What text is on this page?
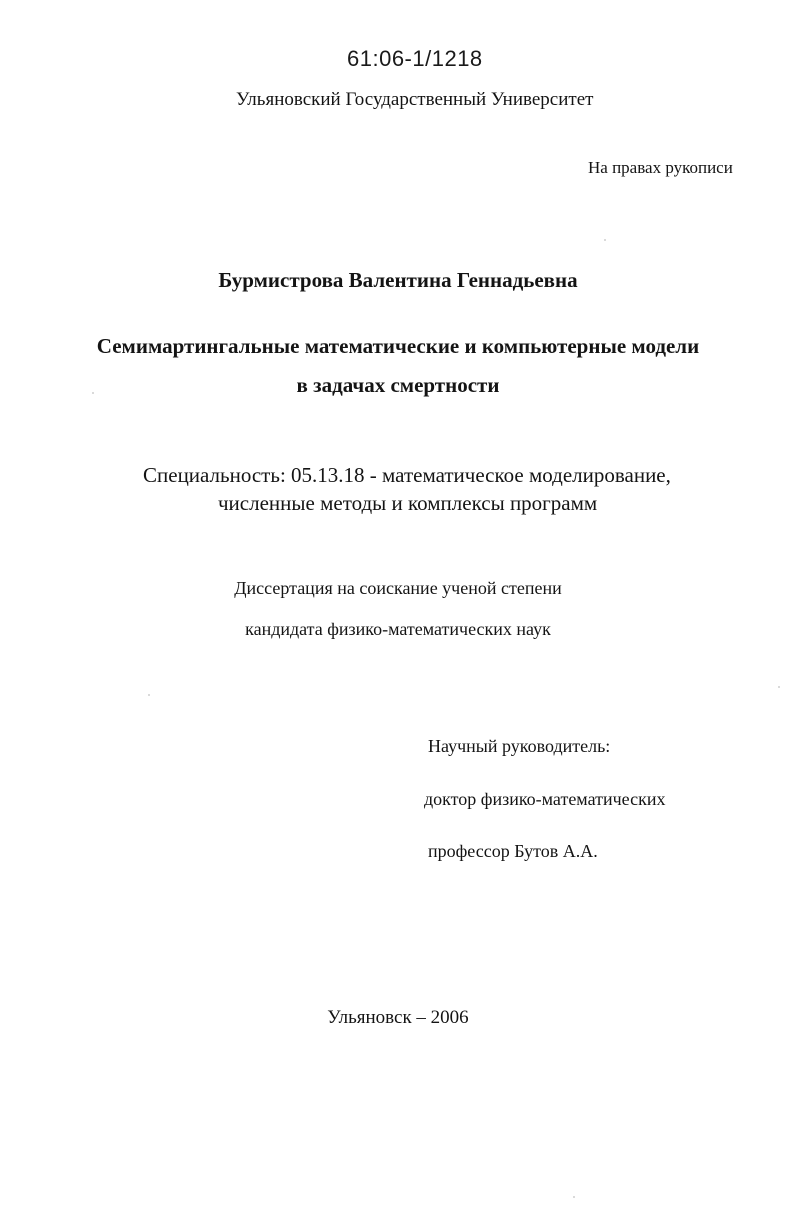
61:06-1/1218
Ульяновский Государственный Университет
На правах рукописи
Бурмистрова Валентина Геннадьевна
Семимартингальные математические и компьютерные модели
в задачах смертности
Специальность: 05.13.18 - математическое моделирование,
численные методы и комплексы программ
Диссертация на соискание ученой степени
кандидата физико-математических наук
Научный руководитель:
доктор физико-математических
профессор Бутов А.А.
Ульяновск – 2006
